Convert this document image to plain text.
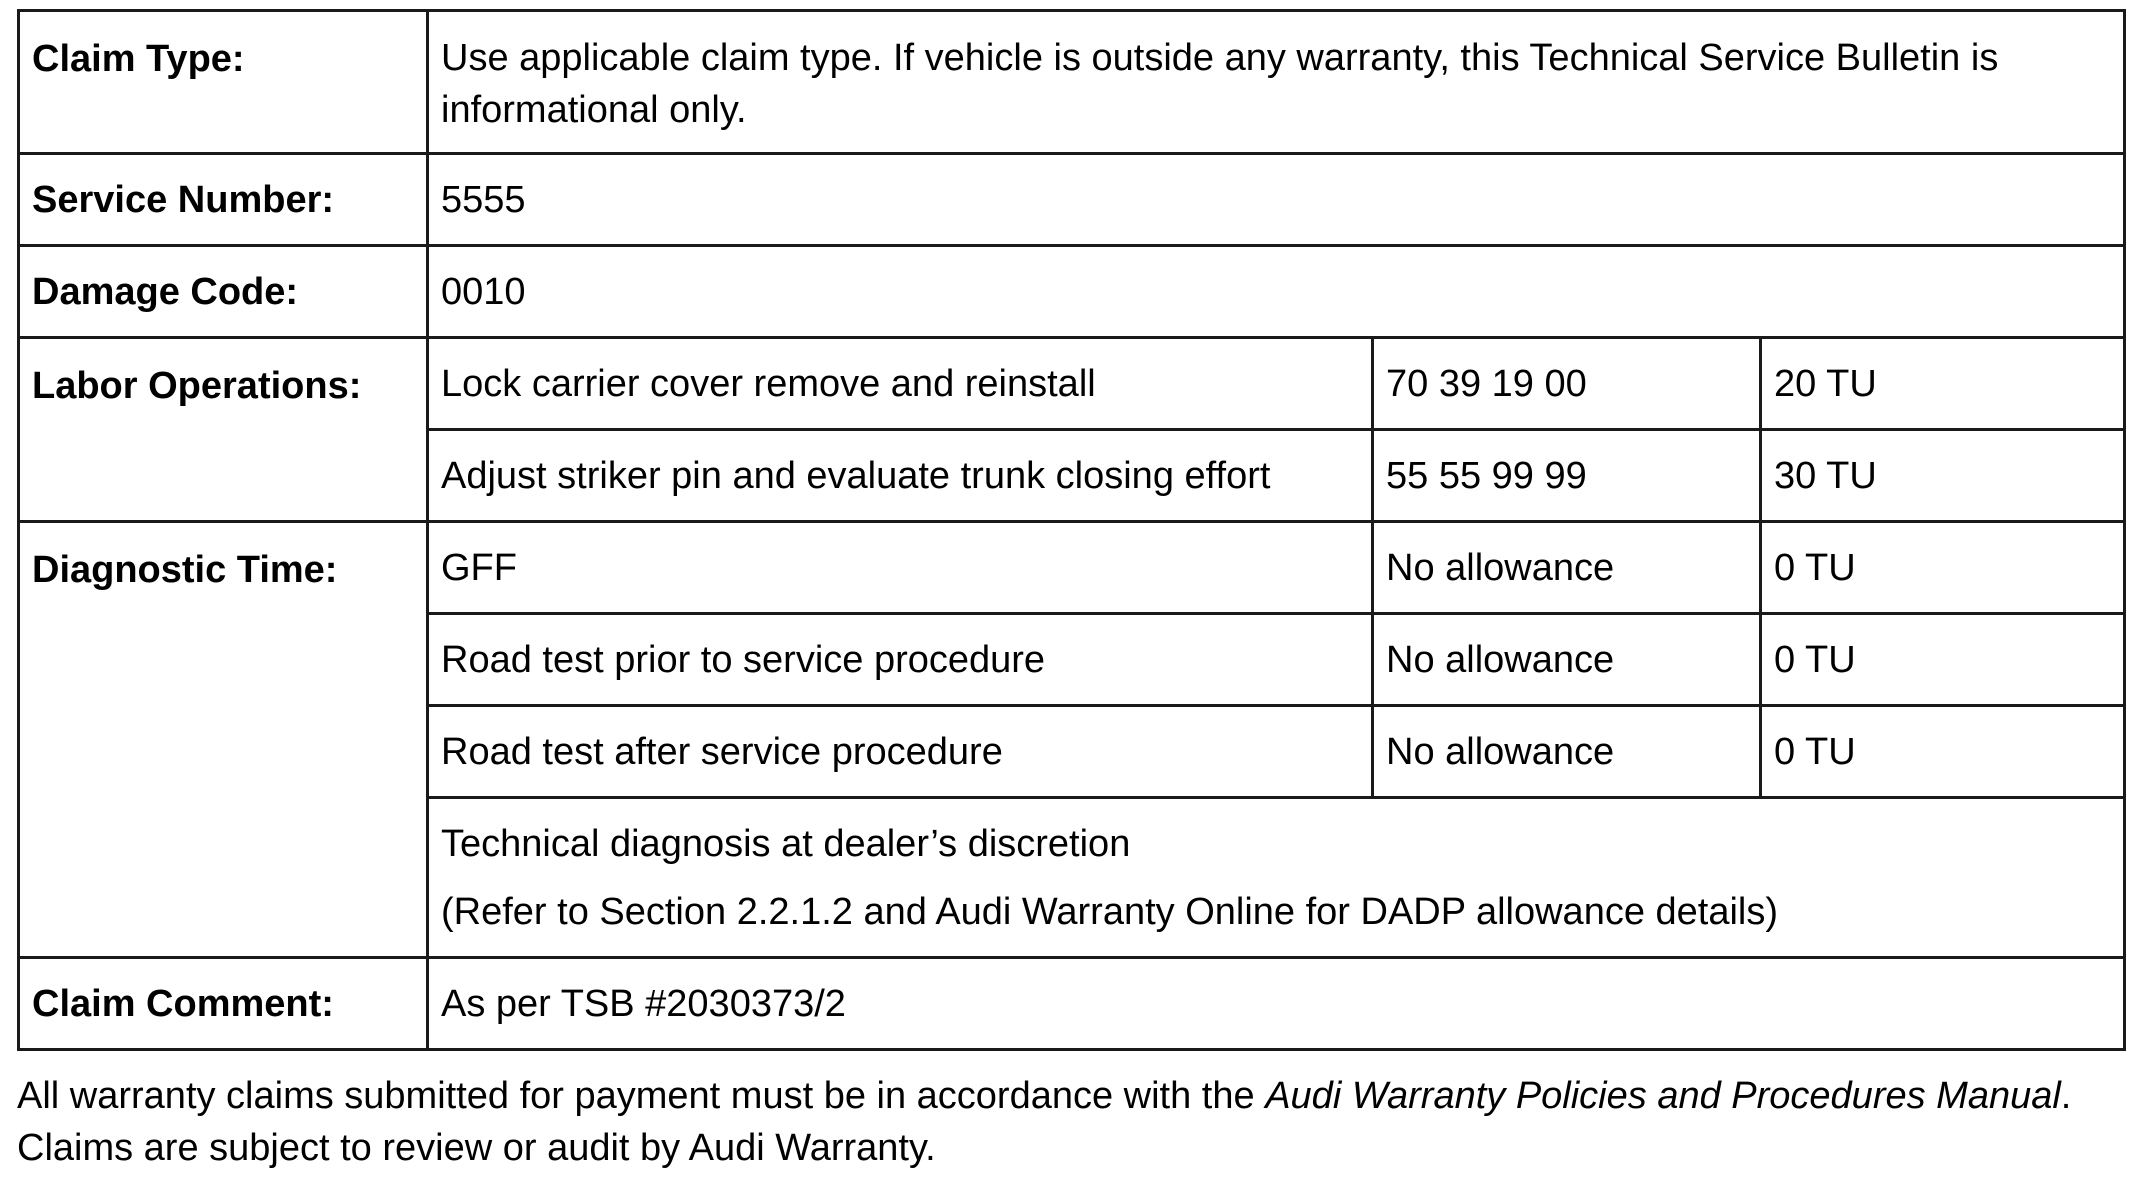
Claim Type:	Use applicable claim type. If vehicle is outside any warranty, this Technical Service Bulletin is informational only.		
Service Number:	5555		
Damage Code:	0010		
Labor Operations:	Lock carrier cover remove and reinstall	70 39 19 00	20 TU
	Adjust striker pin and evaluate trunk closing effort	55 55 99 99	30 TU
Diagnostic Time:	GFF	No allowance	0 TU
	Road test prior to service procedure	No allowance	0 TU
	Road test after service procedure	No allowance	0 TU

	Technical diagnosis at dealer’s discretion
(Refer to Section 2.2.1.2 and Audi Warranty Online for DADP allowance details)		

Claim Comment:	As per TSB #2030373/2		
All warranty claims submitted for payment must be in accordance with the Audi Warranty Policies and Procedures Manual. Claims are subject to review or audit by Audi Warranty.
